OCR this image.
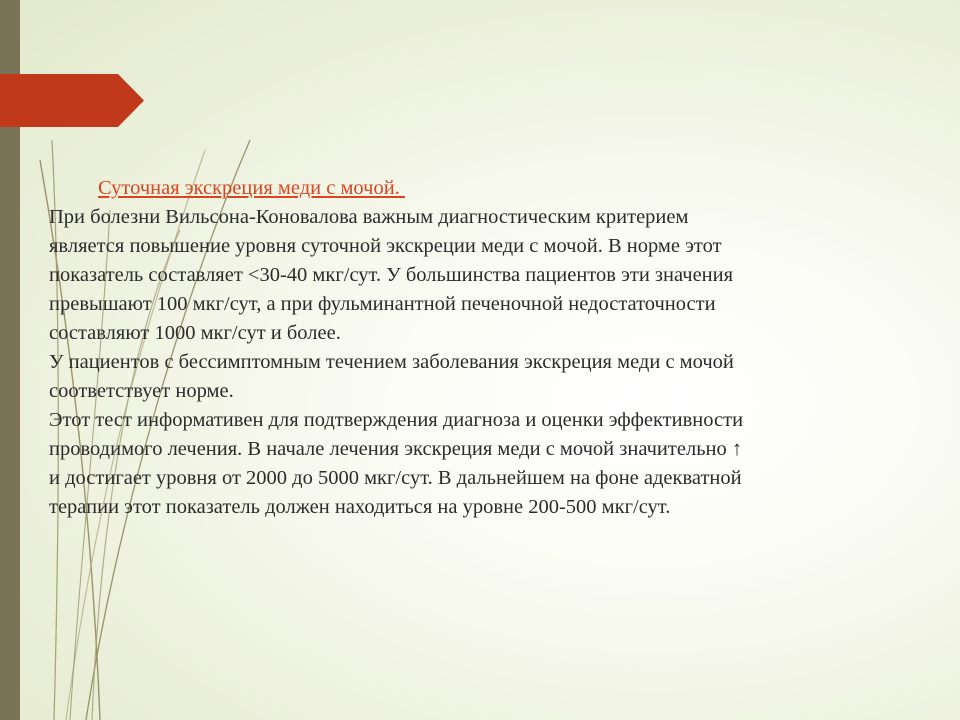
Суточная экскреция меди с мочой.
При болезни Вильсона-Коновалова важным диагностическим критерием
является повышение уровня суточной экскреции меди с мочой. В норме этот
показатель составляет <30-40 мкг/сут. У большинства пациентов эти значения
превышают 100 мкг/сут, а при фульминантной печеночной недостаточности
составляют 1000 мкг/сут и более.
У пациентов с бессимптомным течением заболевания экскреция меди с мочой
соответствует норме.
Этот тест информативен для подтверждения диагноза и оценки эффективности
проводимого лечения. В начале лечения экскреция меди с мочой значительно ↑
и достигает уровня от 2000 до 5000 мкг/сут. В дальнейшем на фоне адекватной
терапии этот показатель должен находиться на уровне 200-500 мкг/сут.
